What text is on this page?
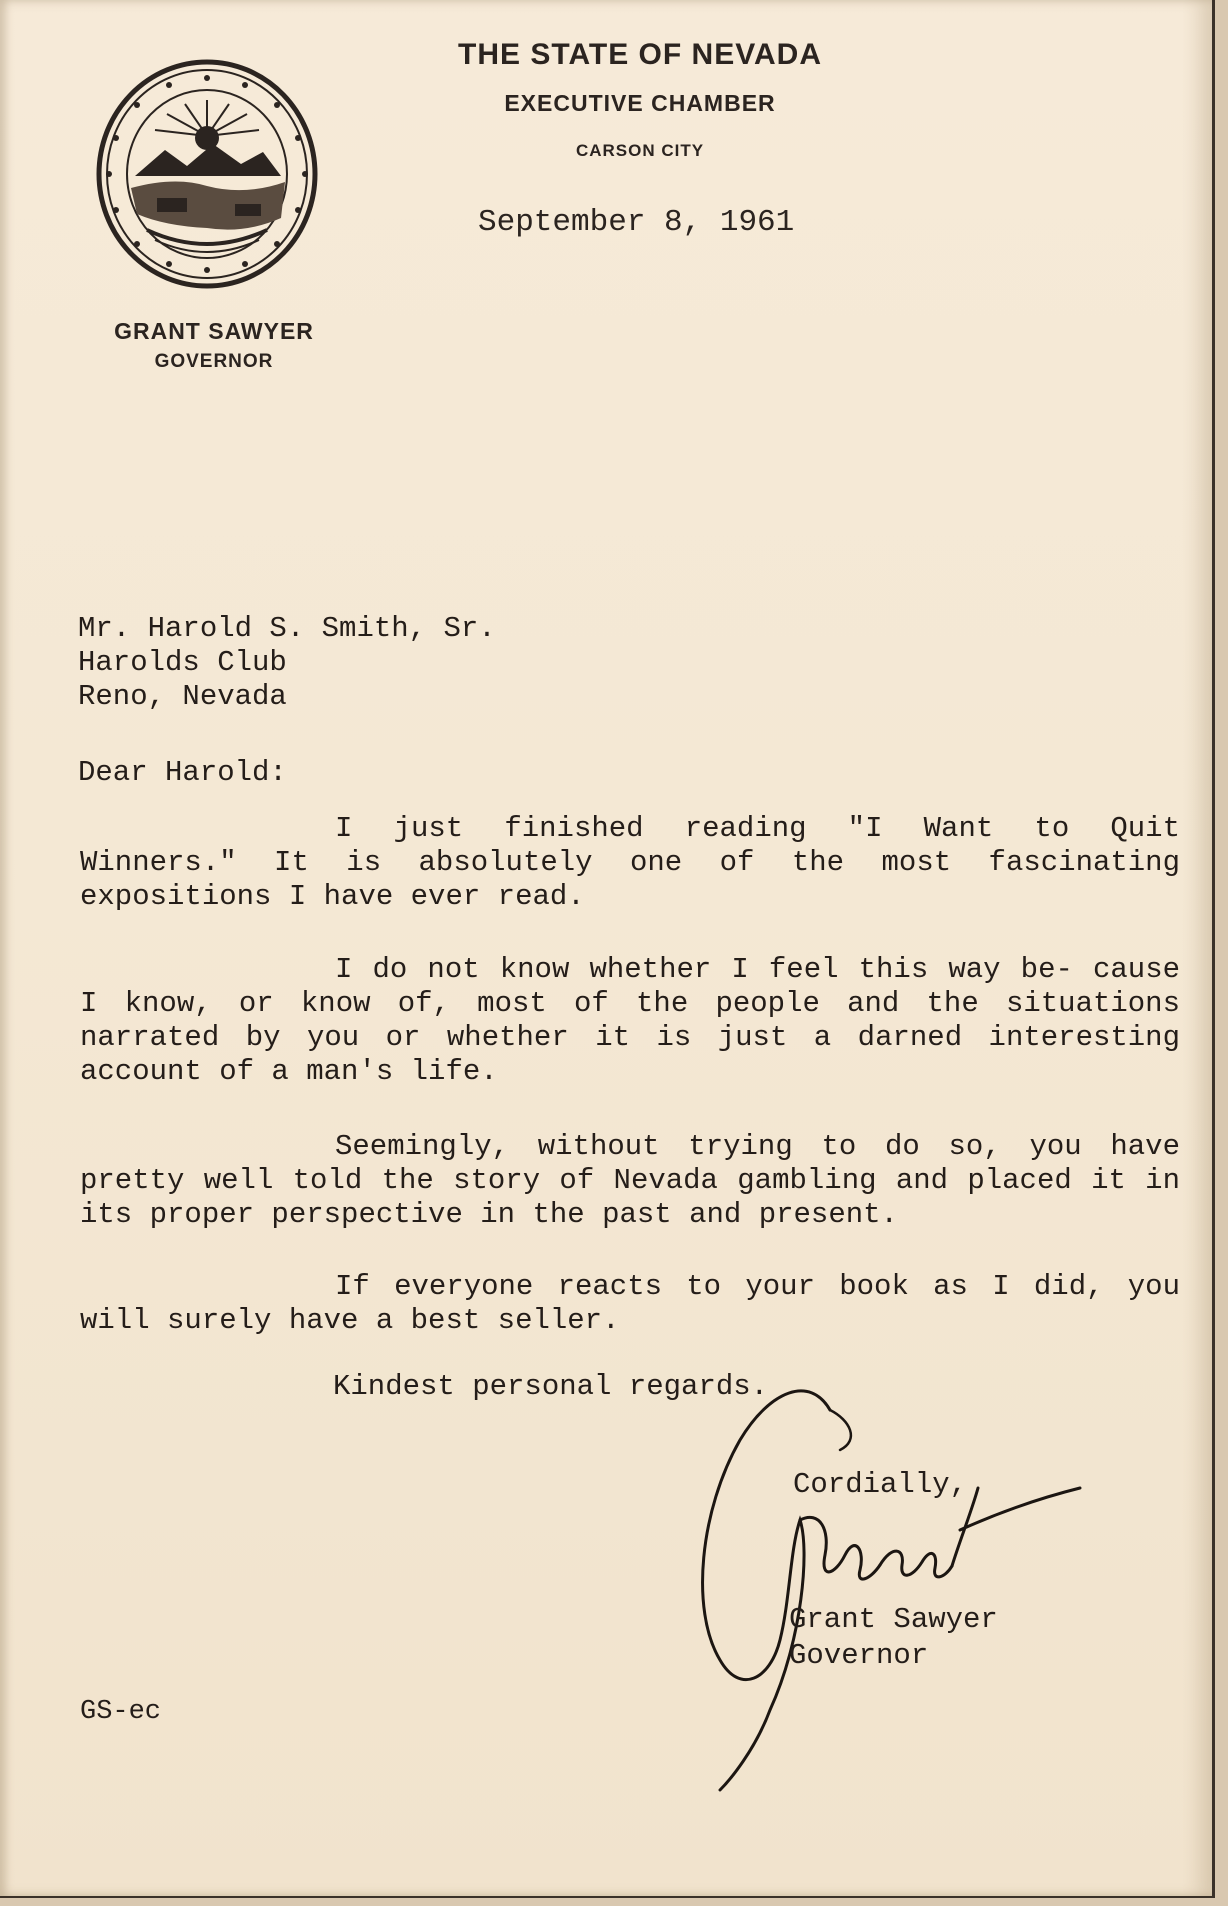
THE STATE OF NEVADA
EXECUTIVE CHAMBER
CARSON CITY
September 8, 1961
GRANT SAWYER
GOVERNOR
Mr. Harold S. Smith, Sr.
Harolds Club
Reno, Nevada
Dear Harold:

I just finished reading "I Want to Quit Winners." It is absolutely one of the most fascinating expositions I have ever read.

I do not know whether I feel this way be- cause I know, or know of, most of the people and the situations narrated by you or whether it is just a darned interesting account of a man's life.

Seemingly, without trying to do so, you have pretty well told the story of Nevada gambling and placed it in its proper perspective in the past and present.

If everyone reacts to your book as I did, you will surely have a best seller.

Kindest personal regards.
Cordially,
Grant Sawyer
Governor
GS-ec
